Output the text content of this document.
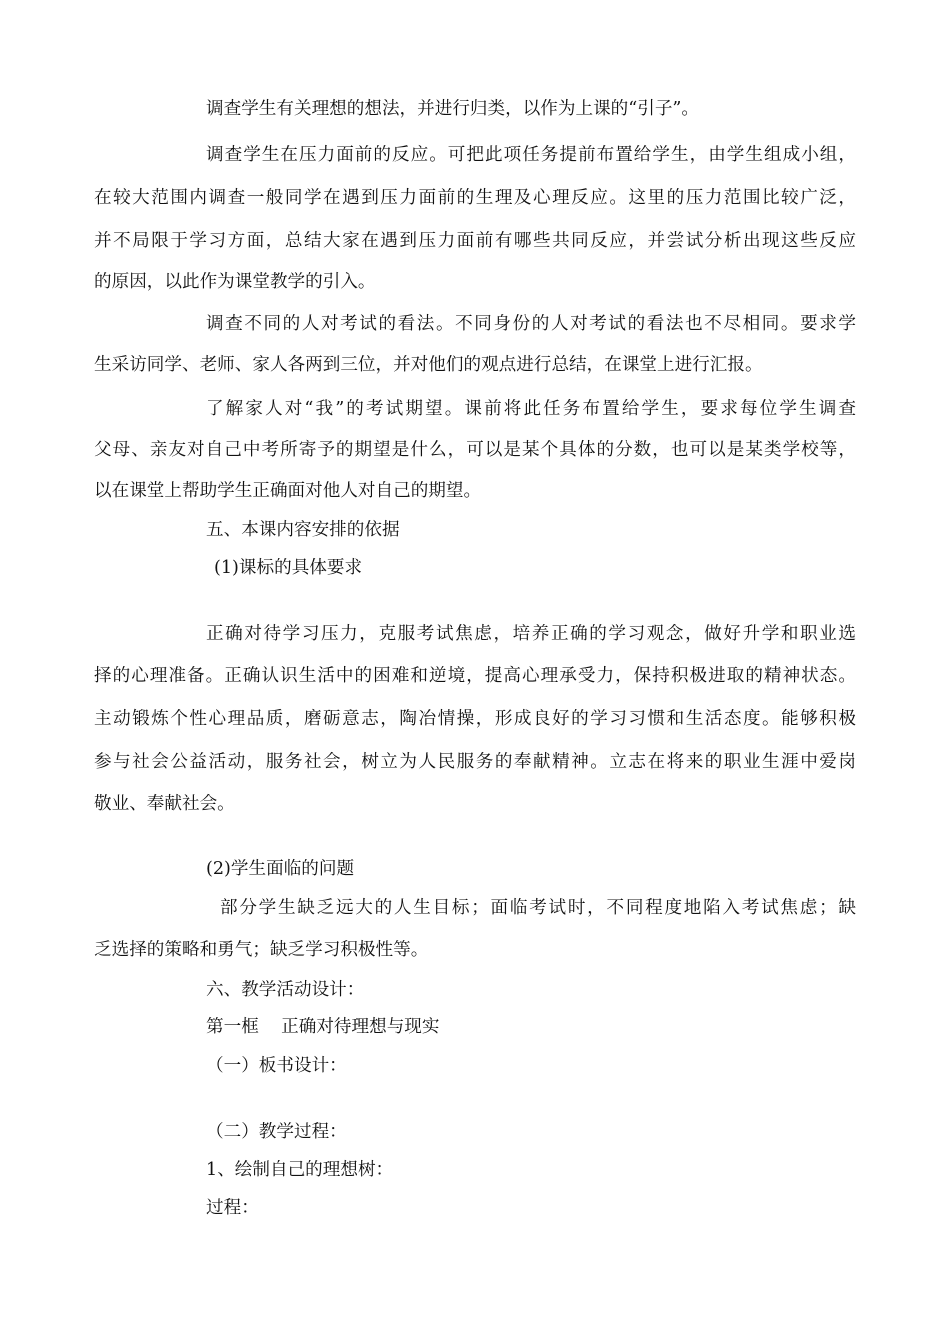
调查学生有关理想的想法，并进行归类，以作为上课的“引子”。
调查学生在压力面前的反应。可把此项任务提前布置给学生，由学生组成小组，
在较大范围内调查一般同学在遇到压力面前的生理及心理反应。这里的压力范围比较广泛，
并不局限于学习方面，总结大家在遇到压力面前有哪些共同反应，并尝试分析出现这些反应
的原因，以此作为课堂教学的引入。
调查不同的人对考试的看法。不同身份的人对考试的看法也不尽相同。要求学
生采访同学、老师、家人各两到三位，并对他们的观点进行总结，在课堂上进行汇报。
了解家人对“我”的考试期望。课前将此任务布置给学生，要求每位学生调查
父母、亲友对自己中考所寄予的期望是什么，可以是某个具体的分数，也可以是某类学校等，
以在课堂上帮助学生正确面对他人对自己的期望。
五、本课内容安排的依据
(1)课标的具体要求
正确对待学习压力，克服考试焦虑，培养正确的学习观念，做好升学和职业选
择的心理准备。正确认识生活中的困难和逆境，提高心理承受力，保持积极进取的精神状态。
主动锻炼个性心理品质，磨砺意志，陶冶情操，形成良好的学习习惯和生活态度。能够积极
参与社会公益活动，服务社会，树立为人民服务的奉献精神。立志在将来的职业生涯中爱岗
敬业、奉献社会。
(2)学生面临的问题
部分学生缺乏远大的人生目标；面临考试时，不同程度地陷入考试焦虑；缺
乏选择的策略和勇气；缺乏学习积极性等。
六、教学活动设计：
第一框    正确对待理想与现实
（一）板书设计：
（二）教学过程：
1、绘制自己的理想树：
过程：
